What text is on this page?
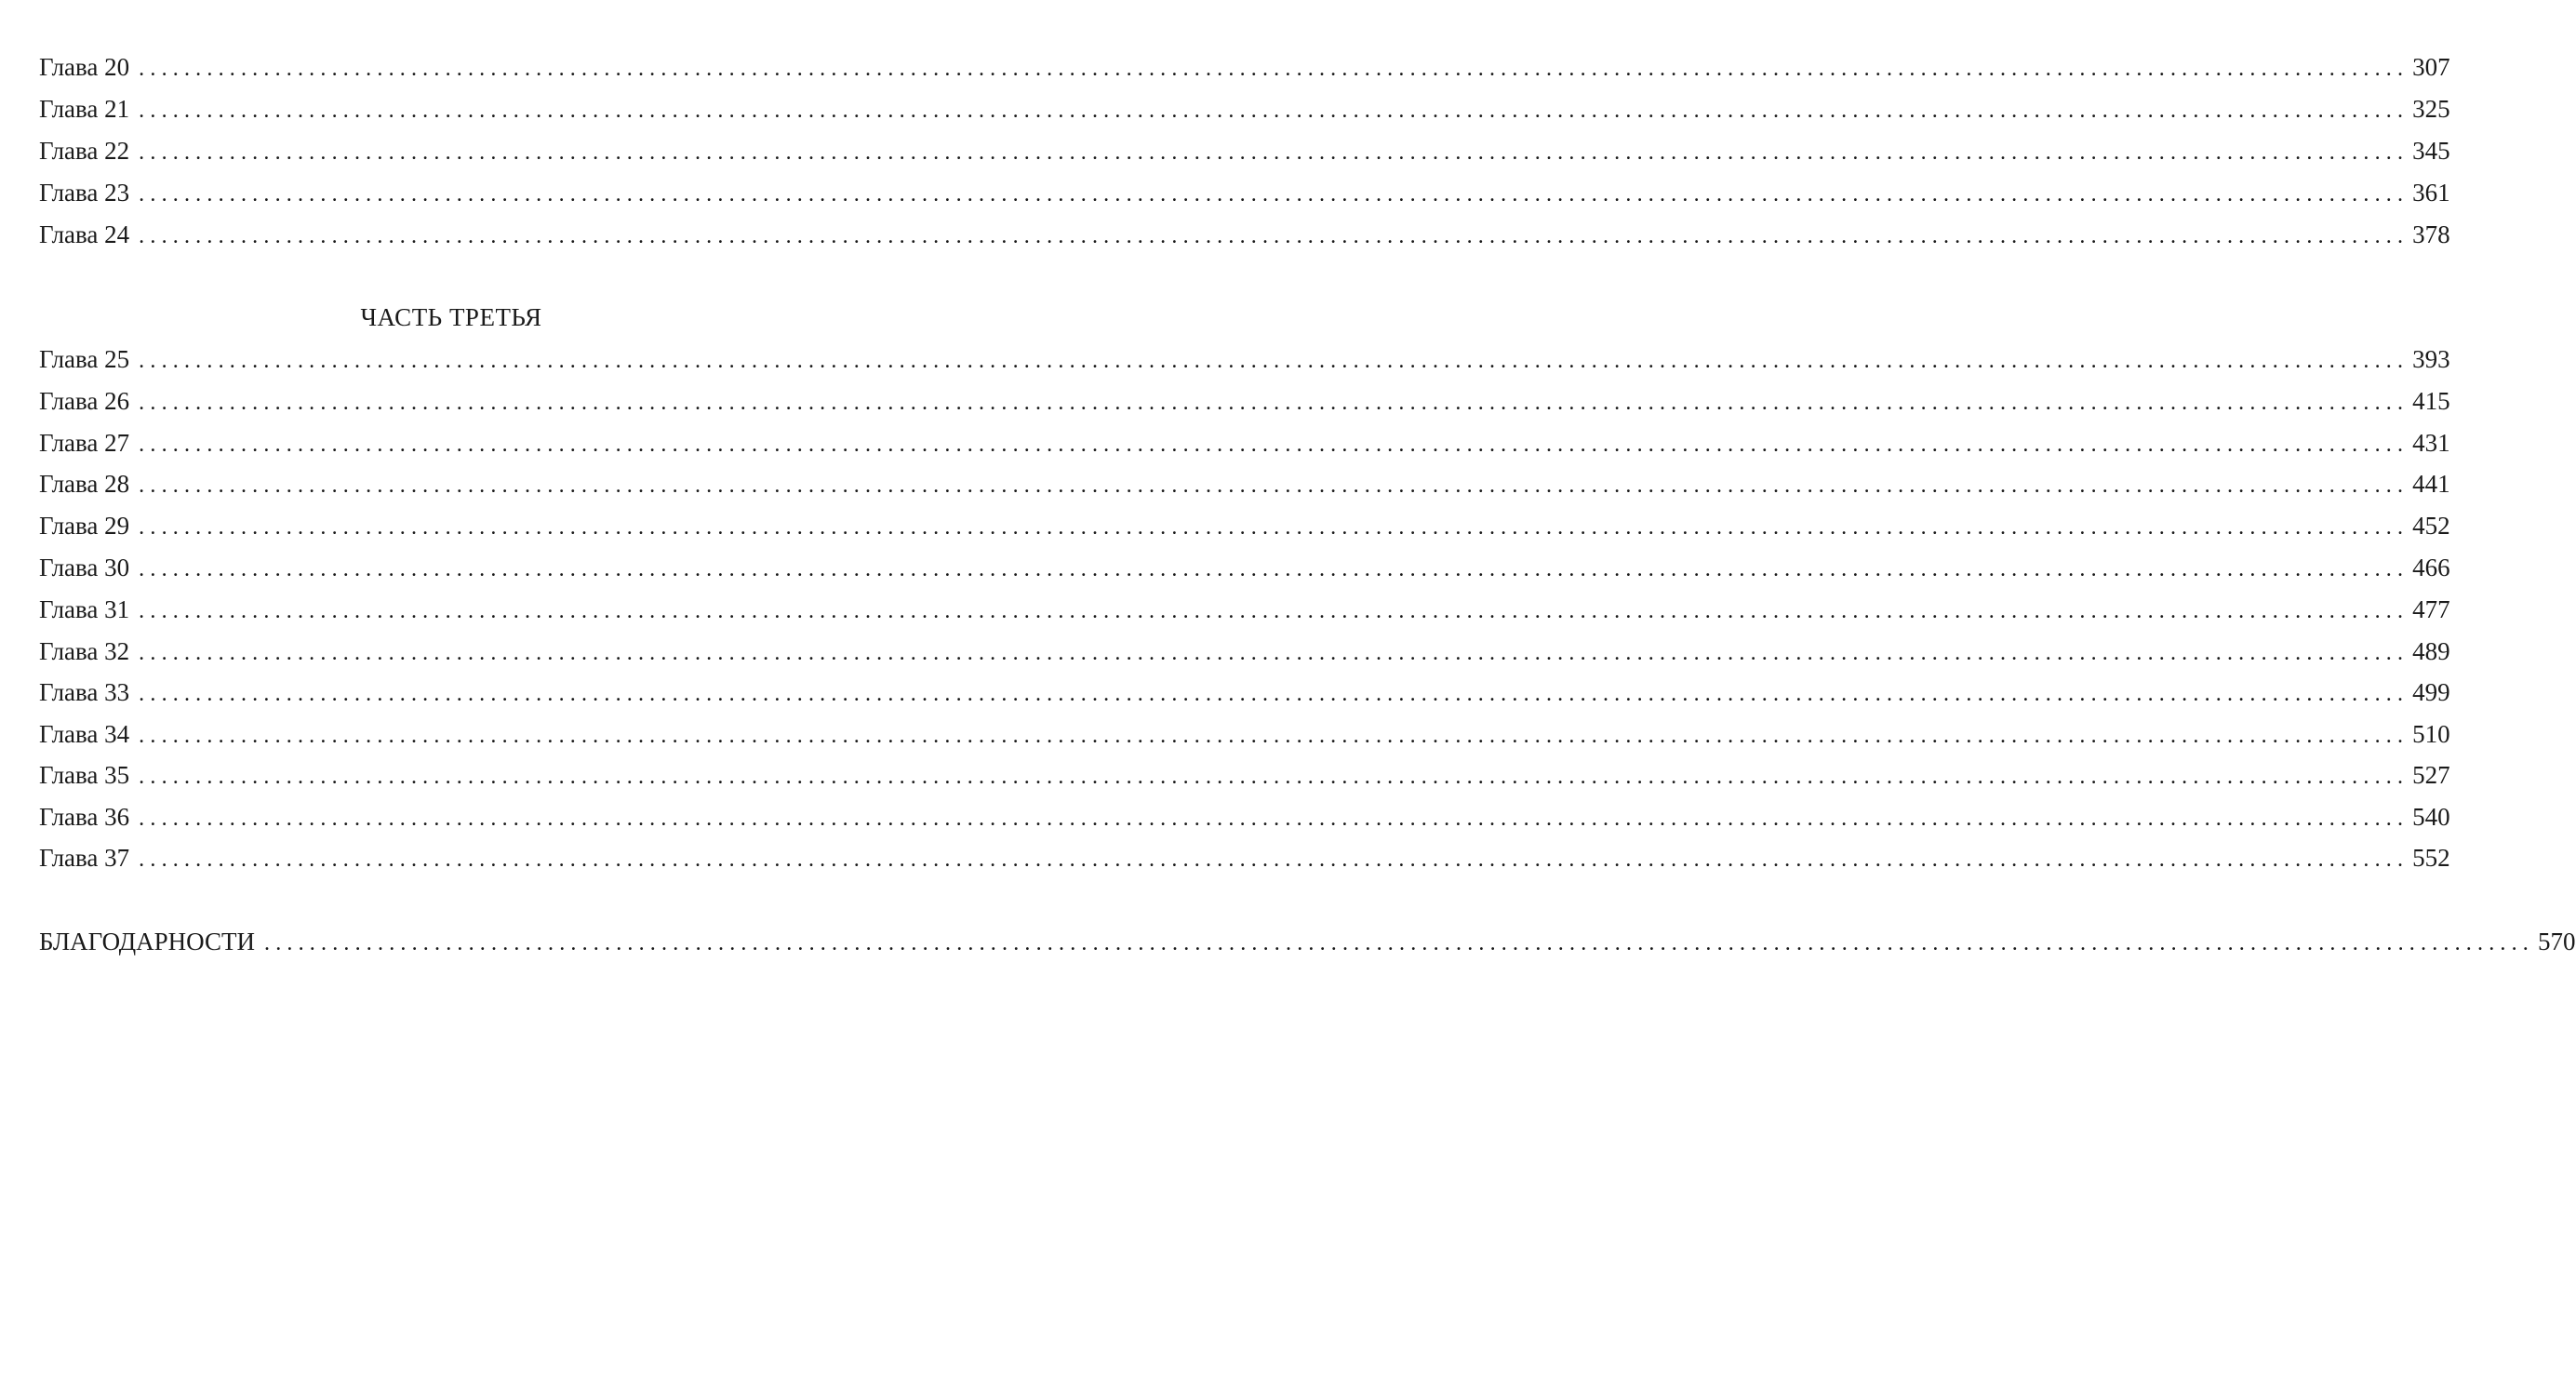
Глава 20 ........................................................................................................................................................................................................ 307
Глава 21 ........................................................................................................................................................................................................ 325
Глава 22 ........................................................................................................................................................................................................ 345
Глава 23 ........................................................................................................................................................................................................ 361
Глава 24 ........................................................................................................................................................................................................ 378
ЧАСТЬ ТРЕТЬЯ
Глава 25 ........................................................................................................................................................................................................ 393
Глава 26 ........................................................................................................................................................................................................ 415
Глава 27 ........................................................................................................................................................................................................ 431
Глава 28 ........................................................................................................................................................................................................ 441
Глава 29 ........................................................................................................................................................................................................ 452
Глава 30 ........................................................................................................................................................................................................ 466
Глава 31 ........................................................................................................................................................................................................ 477
Глава 32 ........................................................................................................................................................................................................ 489
Глава 33 ........................................................................................................................................................................................................ 499
Глава 34 ........................................................................................................................................................................................................ 510
Глава 35 ........................................................................................................................................................................................................ 527
Глава 36 ........................................................................................................................................................................................................ 540
Глава 37 ........................................................................................................................................................................................................ 552
БЛАГОДАРНОСТИ ........................................................................................................................................................................................................ 570
